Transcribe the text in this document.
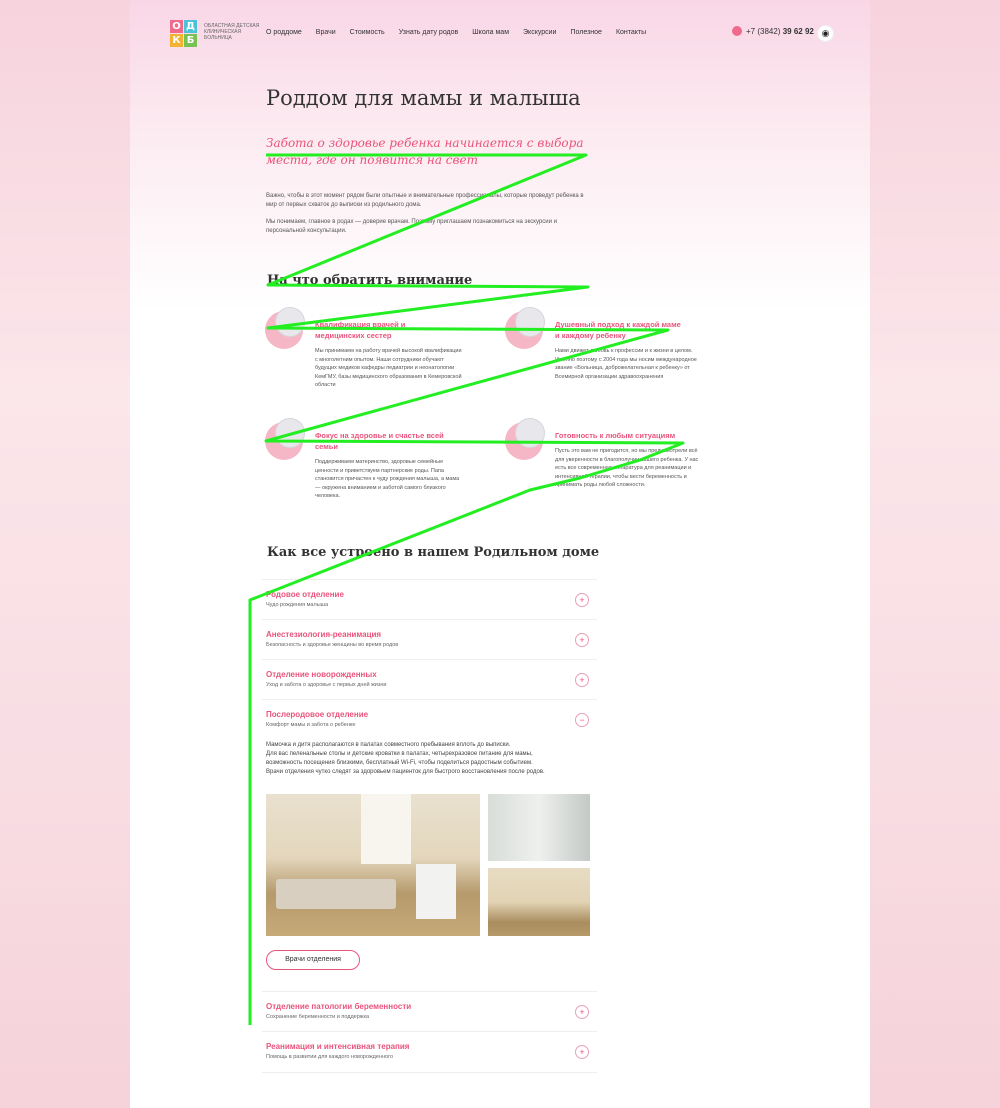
О Д
К Б
ОБЛАСТНАЯ ДЕТСКАЯ КЛИНИЧЕСКАЯ БОЛЬНИЦА
О роддоме Врачи Стоимость Узнать дату родов Школа мам Экскурсии Полезное Контакты	+7 (3842) 39 62 92 ◉
Роддом для мамы и малыша

Забота о здоровье ребенка начинается с выбора места, где он появится на свет

Важно, чтобы в этот момент рядом были опытные и внимательные профессионалы, которые проведут ребенка в мир от первых схваток до выписки из родильного дома.

Мы понимаем, главное в родах — доверие врачам. Поэтому приглашаем познакомиться на экскурсии и персональной консультации.

На что обратить внимание
Квалификация врачей и медицинских сестер

Мы принимаем на работу врачей высокой квалификации с многолетним опытом. Наши сотрудники обучают будущих медиков кафедры педиатрии и неонатологии КемГМУ, базы медицинского образования в Кемеровской области

Душевный подход к каждой маме и каждому ребенку

Нами движет любовь к профессии и к жизни в целом. Именно поэтому с 2004 года мы носим международное звание «Больница, доброжелательная к ребенку» от Всемирной организации здравоохранения

Фокус на здоровье и счастье всей семьи

Поддерживаем материнство, здоровые семейные ценности и приветствуем партнерские роды. Папа становится причастен к чуду рождения малыша, а мама — окружена вниманием и заботой самого близкого человека.

Готовность к любым ситуациям

Пусть это вам не пригодится, но мы предусмотрели всё для уверенности в благополучии вашего ребенка. У нас есть все современная аппаратура для реанимации и интенсивной терапии, чтобы вести беременность и принимать роды любой сложности.

Как все устроено в нашем Родильном доме
Родовое отделение
Чудо рождения малыша	+
Анестезиология-реанимация
Безопасность и здоровье женщины во время родов	+
Отделение новорожденных
Уход и забота о здоровье с первых дней жизни	+
Послеродовое отделение
Комфорт мамы и забота о ребенке	−

Мамочка и дитя располагаются в палатах совместного пребывания вплоть до выписки.

Для вас пеленальные столы и детские кроватки в палатах, четырехразовое питание для мамы,

возможность посещения близкими, бесплатный Wi-Fi, чтобы поделиться радостным событием.

Врачи отделения чутко следят за здоровьем пациенток для быстрого восстановления после родов.

Врачи отделения
Отделение патологии беременности
Сохранение беременности и поддержка	+
Реанимация и интенсивная терапия
Помощь в развитии для каждого новорожденного	+
